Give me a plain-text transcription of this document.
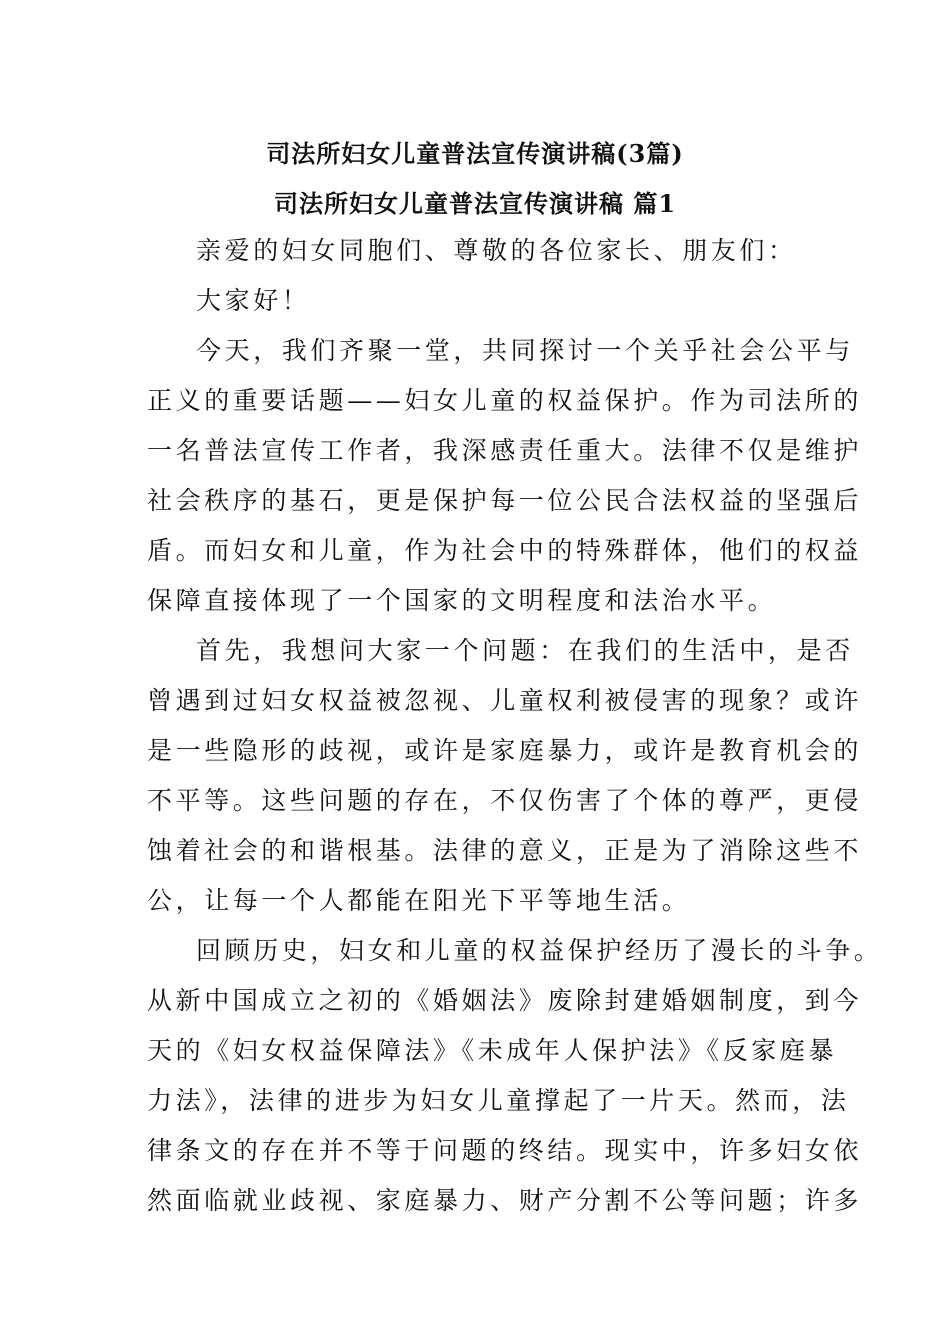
司法所妇女儿童普法宣传演讲稿(3篇)
司法所妇女儿童普法宣传演讲稿 篇1
亲爱的妇女同胞们、尊敬的各位家长、朋友们：
大家好！
今天，我们齐聚一堂，共同探讨一个关乎社会公平与
正义的重要话题——妇女儿童的权益保护。作为司法所的
一名普法宣传工作者，我深感责任重大。法律不仅是维护
社会秩序的基石，更是保护每一位公民合法权益的坚强后
盾。而妇女和儿童，作为社会中的特殊群体，他们的权益
保障直接体现了一个国家的文明程度和法治水平。
首先，我想问大家一个问题：在我们的生活中，是否
曾遇到过妇女权益被忽视、儿童权利被侵害的现象？或许
是一些隐形的歧视，或许是家庭暴力，或许是教育机会的
不平等。这些问题的存在，不仅伤害了个体的尊严，更侵
蚀着社会的和谐根基。法律的意义，正是为了消除这些不
公，让每一个人都能在阳光下平等地生活。
回顾历史，妇女和儿童的权益保护经历了漫长的斗争。
从新中国成立之初的《婚姻法》废除封建婚姻制度，到今
天的《妇女权益保障法》《未成年人保护法》《反家庭暴
力法》，法律的进步为妇女儿童撑起了一片天。然而，法
律条文的存在并不等于问题的终结。现实中，许多妇女依
然面临就业歧视、家庭暴力、财产分割不公等问题；许多
